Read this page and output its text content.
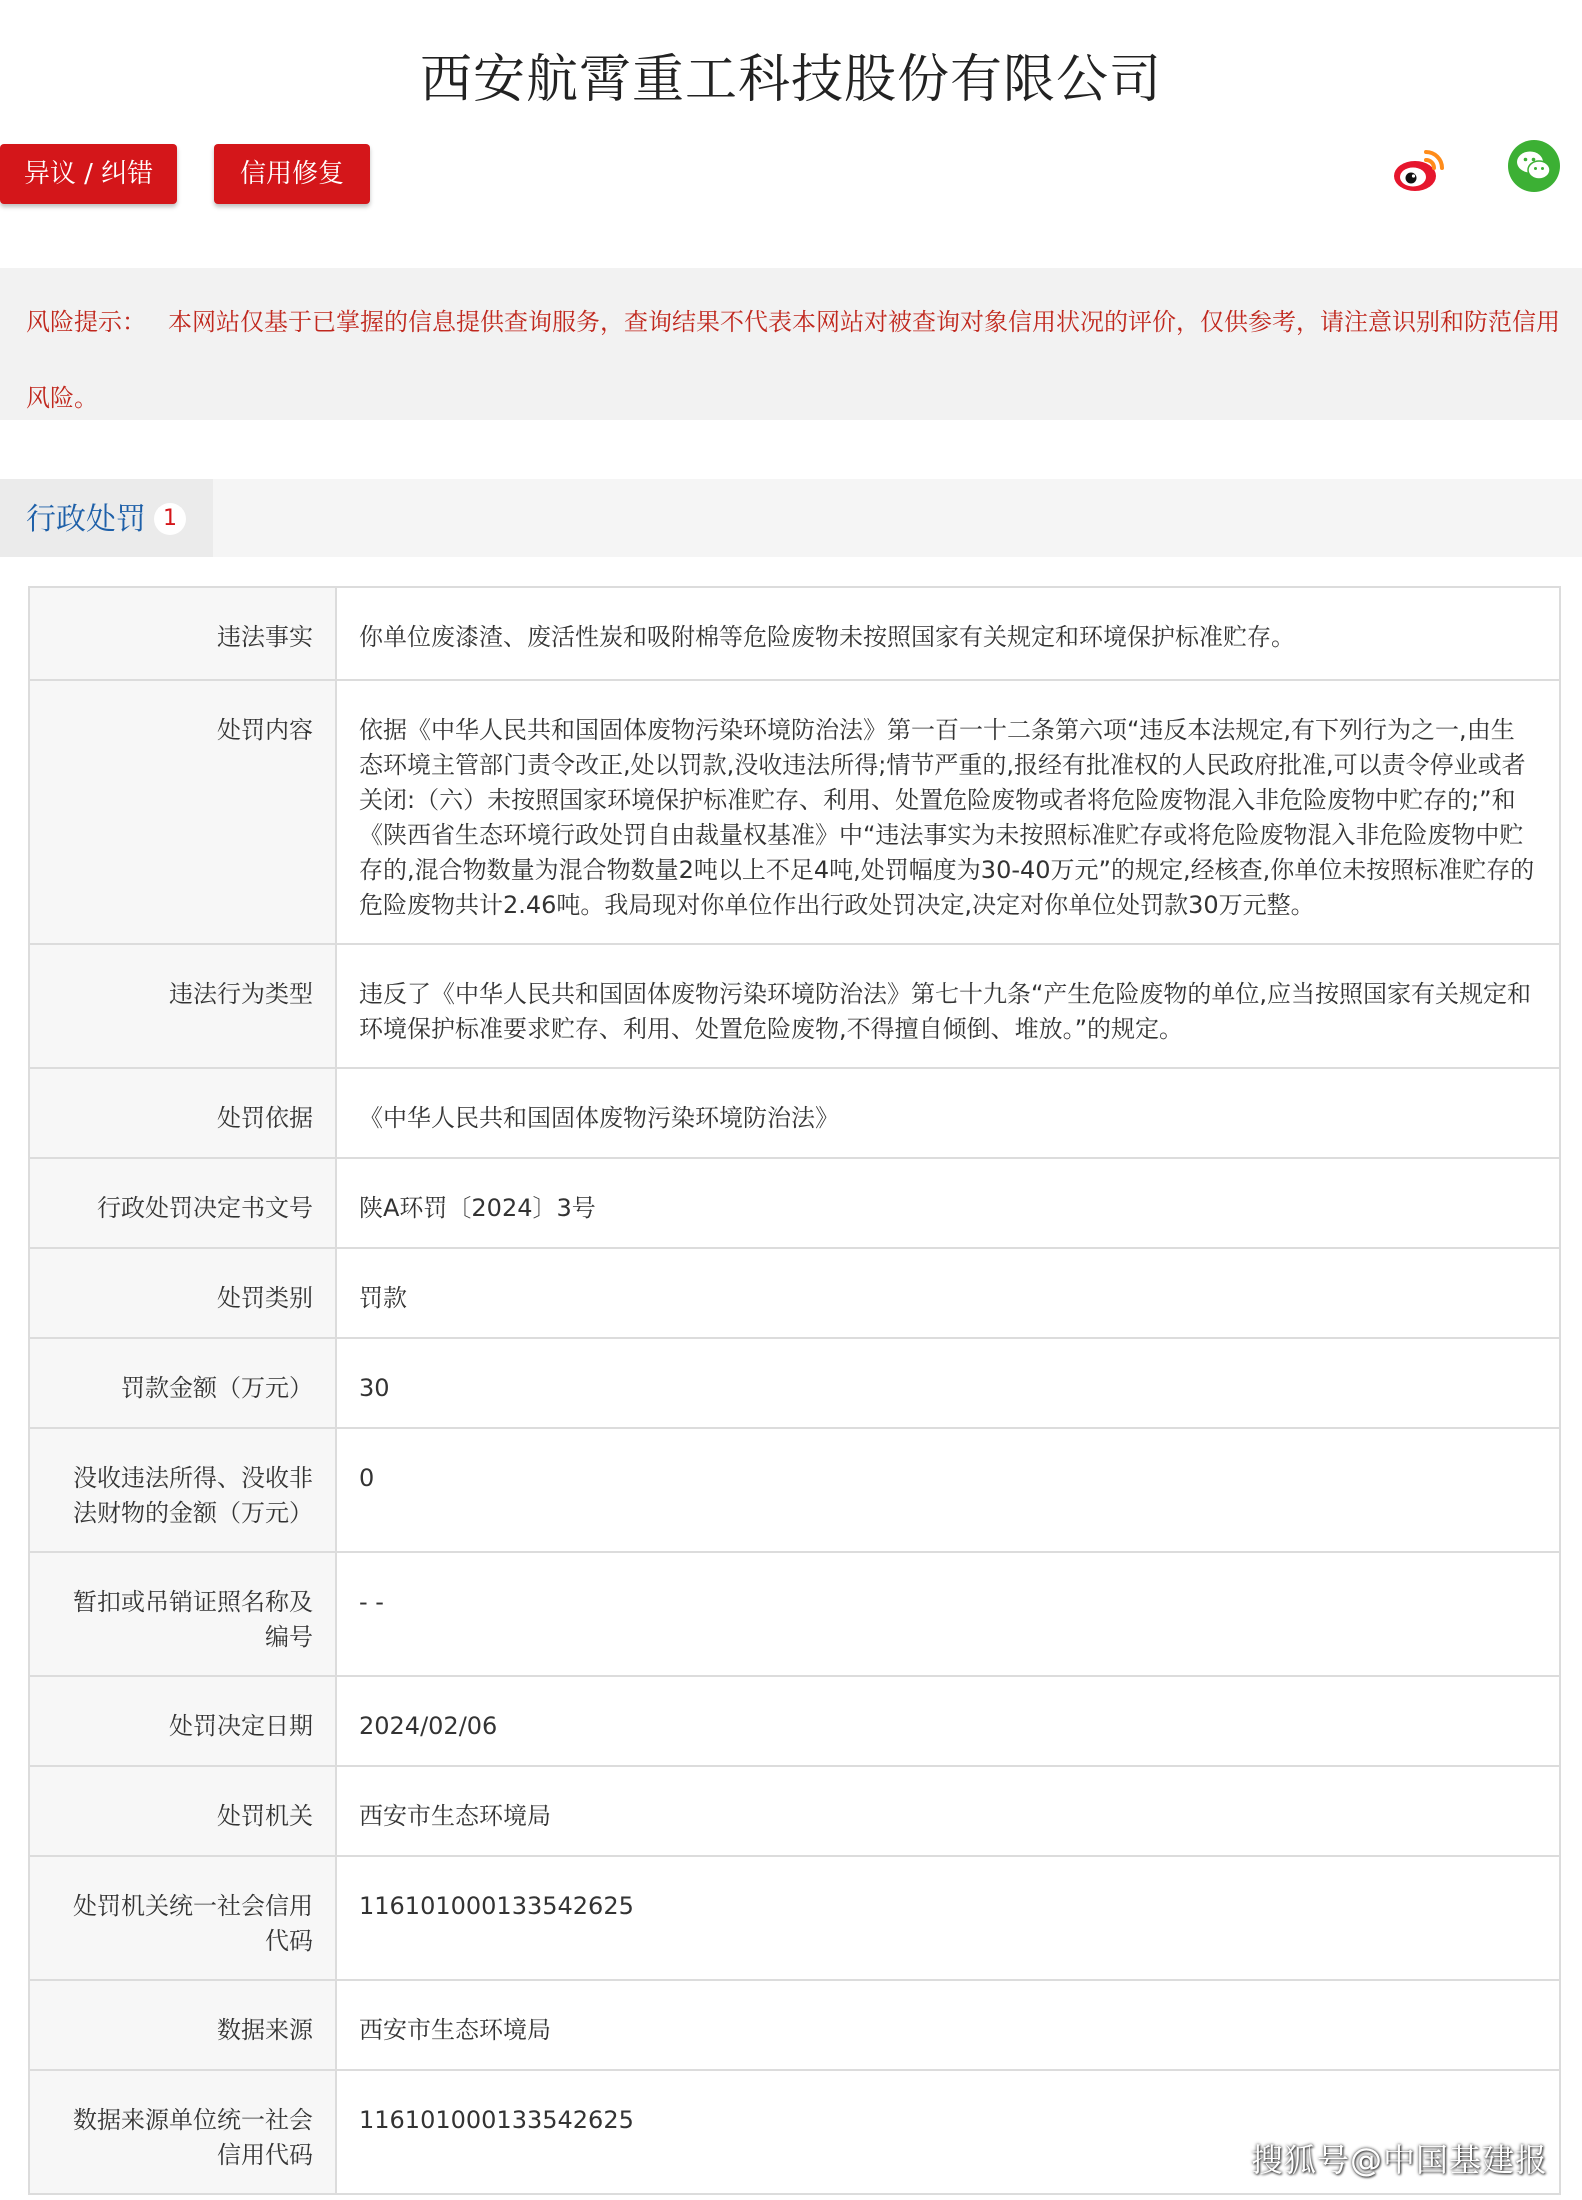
西安航霄重工科技股份有限公司
异议 / 纠错	信用修复
风险提示： 本网站仅基于已掌握的信息提供查询服务，查询结果不代表本网站对被查询对象信用状况的评价，仅供参考，请注意识别和防范信用风险。
行政处罚 1
违法事实	你单位废漆渣、废活性炭和吸附棉等危险废物未按照国家有关规定和环境保护标准贮存。
处罚内容	依据《中华人民共和国固体废物污染环境防治法》第一百一十二条第六项“违反本法规定,有下列行为之一,由生态环境主管部门责令改正,处以罚款,没收违法所得;情节严重的,报经有批准权的人民政府批准,可以责令停业或者关闭:（六）未按照国家环境保护标准贮存、利用、处置危险废物或者将危险废物混入非危险废物中贮存的;”和《陕西省生态环境行政处罚自由裁量权基准》中“违法事实为未按照标准贮存或将危险废物混入非危险废物中贮存的,混合物数量为混合物数量2吨以上不足4吨,处罚幅度为30-40万元”的规定,经核查,你单位未按照标准贮存的危险废物共计2.46吨。我局现对你单位作出行政处罚决定,决定对你单位处罚款30万元整。
违法行为类型	违反了《中华人民共和国固体废物污染环境防治法》第七十九条“产生危险废物的单位,应当按照国家有关规定和环境保护标准要求贮存、利用、处置危险废物,不得擅自倾倒、堆放。”的规定。
处罚依据	《中华人民共和国固体废物污染环境防治法》
行政处罚决定书文号	陕A环罚〔2024〕3号
处罚类别	罚款
罚款金额（万元）	30
没收违法所得、没收非法财物的金额（万元）	0
暂扣或吊销证照名称及编号	- -
处罚决定日期	2024/02/06
处罚机关	西安市生态环境局
处罚机关统一社会信用代码	116101000133542625
数据来源	西安市生态环境局
数据来源单位统一社会信用代码	116101000133542625
搜狐号@中国基建报
